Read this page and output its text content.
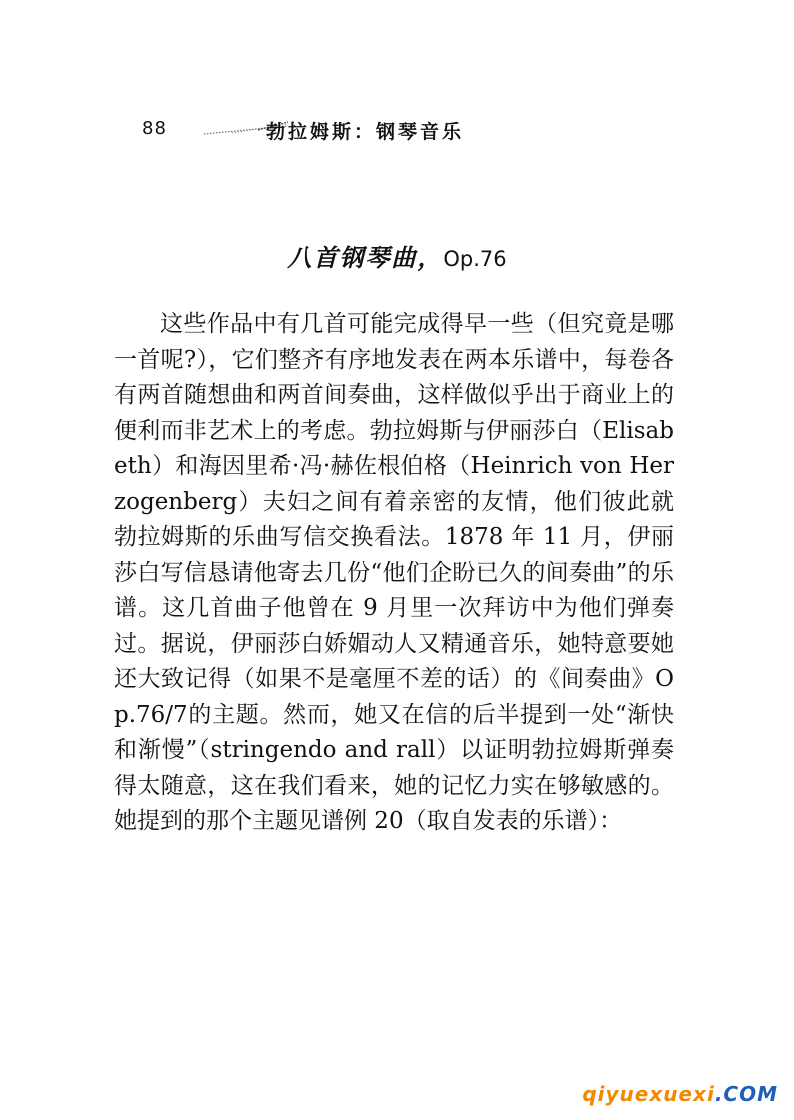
88	勃拉姆斯：钢琴音乐
八首钢琴曲，Op.76

这些作品中有几首可能完成得早一些（但究竟是哪一首呢?），它们整齐有序地发表在两本乐谱中，每卷各有两首随想曲和两首间奏曲，这样做似乎出于商业上的便利而非艺术上的考虑。勃拉姆斯与伊丽莎白（Elisabeth）和海因里希·冯·赫佐根伯格（Heinrich von Herzogenberg）夫妇之间有着亲密的友情，他们彼此就勃拉姆斯的乐曲写信交换看法。1878 年 11 月，伊丽莎白写信恳请他寄去几份“他们企盼已久的间奏曲”的乐谱。这几首曲子他曾在 9 月里一次拜访中为他们弹奏过。据说，伊丽莎白娇媚动人又精通音乐，她特意要她还大致记得（如果不是毫厘不差的话）的《间奏曲》Op.76/7的主题。然而，她又在信的后半提到一处“渐快和渐慢”（stringendo and rall）以证明勃拉姆斯弹奏得太随意，这在我们看来，她的记忆力实在够敏感的。她提到的那个主题见谱例 20（取自发表的乐谱）：

qiyuexuexi.COM
